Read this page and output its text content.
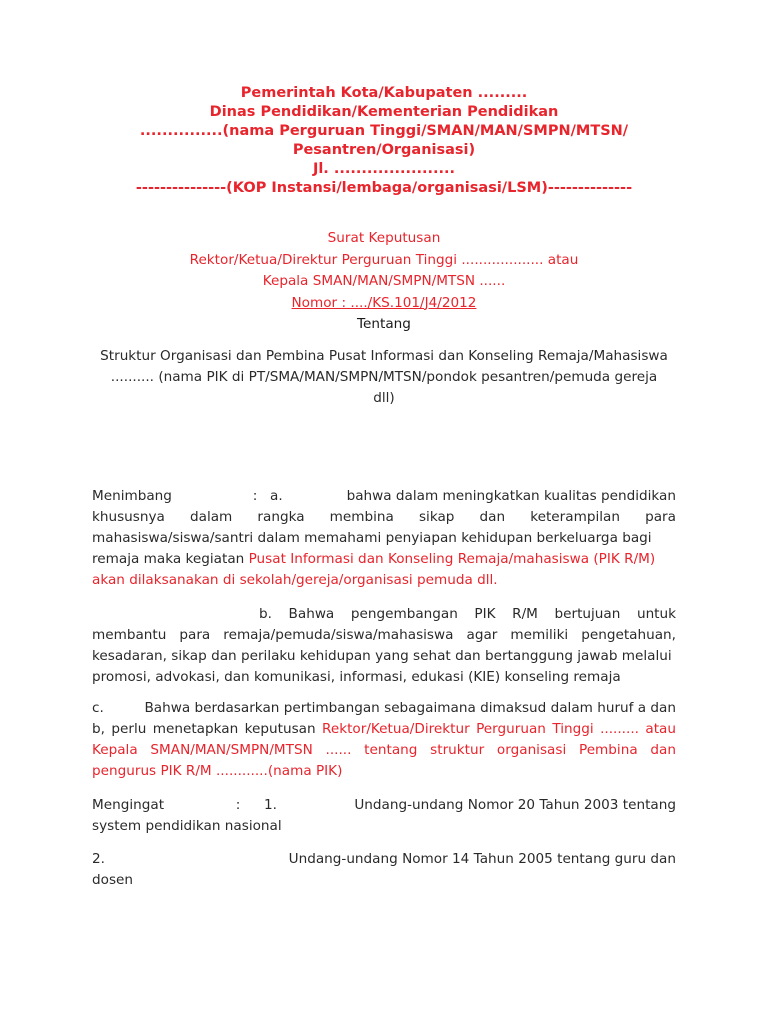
Pemerintah Kota/Kabupaten .........
Dinas Pendidikan/Kementerian Pendidikan
...............(nama Perguruan Tinggi/SMAN/MAN/SMPN/MTSN/
Pesantren/Organisasi)
Jl. ......................
---------------(KOP Instansi/lembaga/organisasi/LSM)--------------
Surat Keputusan
Rektor/Ketua/Direktur Perguruan Tinggi ................... atau
Kepala SMAN/MAN/SMPN/MTSN ......
Nomor : ..../KS.101/J4/2012
Tentang
Struktur Organisasi dan Pembina Pusat Informasi dan Konseling Remaja/Mahasiswa
.......... (nama PIK di PT/SMA/MAN/SMPN/MTSN/pondok pesantren/pemuda gereja
dll)
Menimbang	: a.	bahwa dalam meningkatkan kualitas pendidikan
khususnya dalam rangka membina sikap dan keterampilan para
mahasiswa/siswa/santri dalam memahami penyiapan kehidupan berkeluarga bagi
remaja maka kegiatan Pusat Informasi dan Konseling Remaja/mahasiswa (PIK R/M)
akan dilaksanakan di sekolah/gereja/organisasi pemuda dll.
b. Bahwa pengembangan PIK R/M bertujuan untuk
membantu para remaja/pemuda/siswa/mahasiswa agar memiliki pengetahuan,
kesadaran, sikap dan perilaku kehidupan yang sehat dan bertanggung jawab melalui
promosi, advokasi, dan komunikasi, informasi, edukasi (KIE) konseling remaja
c.	Bahwa berdasarkan pertimbangan sebagaimana dimaksud dalam huruf a dan
b, perlu menetapkan keputusan Rektor/Ketua/Direktur Perguruan Tinggi ......... atau
Kepala SMAN/MAN/SMPN/MTSN ...... tentang struktur organisasi Pembina dan
pengurus PIK R/M ............(nama PIK)
Mengingat	:	1.	Undang-undang Nomor 20 Tahun 2003 tentang
system pendidikan nasional
2.	Undang-undang Nomor 14 Tahun 2005 tentang guru dan
dosen
